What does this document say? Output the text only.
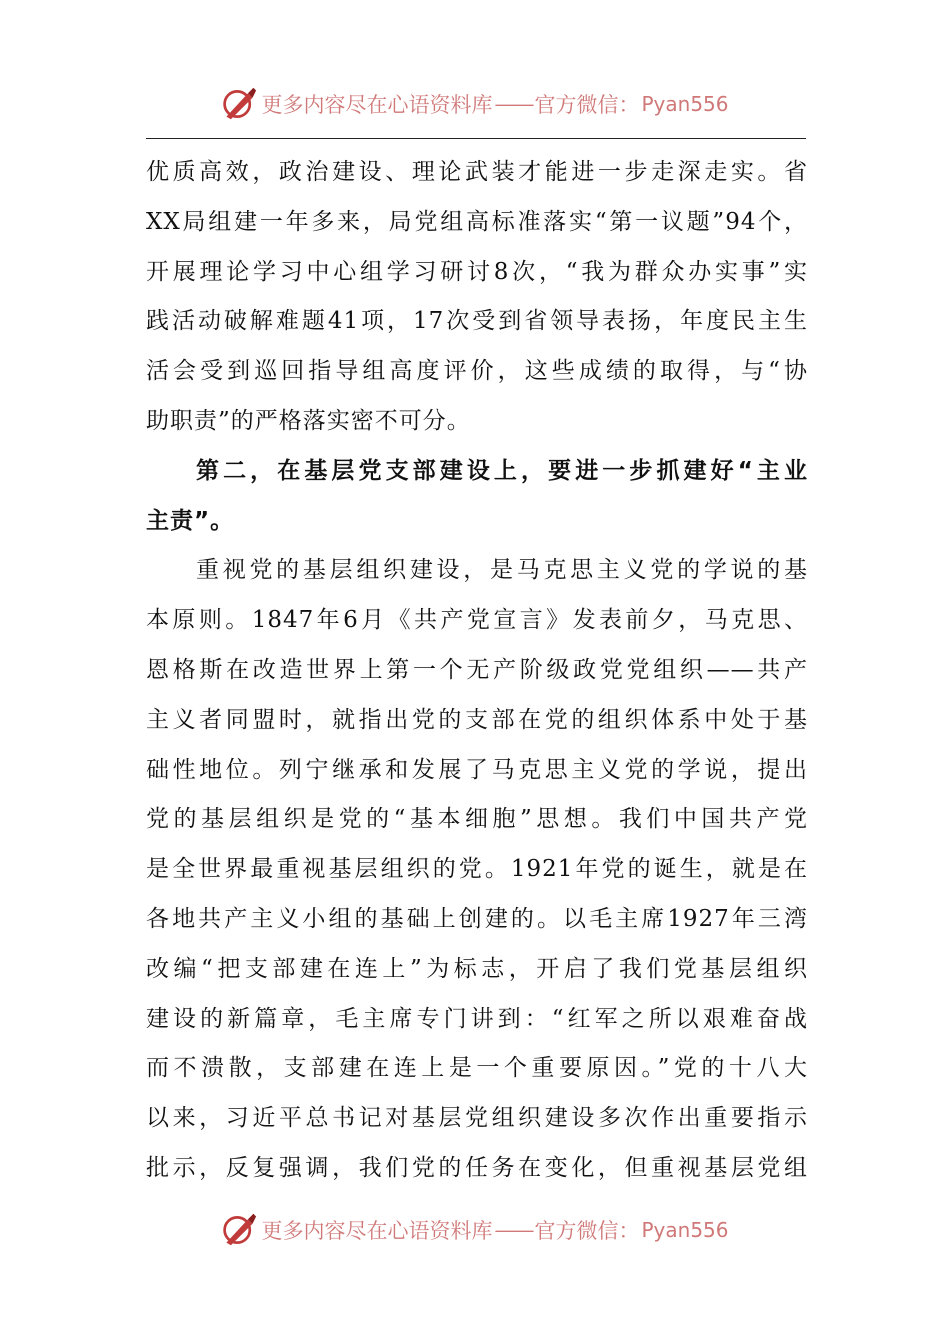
更多内容尽在心语资料库 —— 官方微信： Pyan556
优质高效，政治建设、理论武装才能进一步走深走实。省
XX局组建一年多来，局党组高标准落实“第一议题”94个，
开展理论学习中心组学习研讨8次，“我为群众办实事”实
践活动破解难题41项，17次受到省领导表扬，年度民主生
活会受到巡回指导组高度评价，这些成绩的取得，与“协
助职责”的严格落实密不可分。
第二，在基层党支部建设上，要进一步抓建好“主业
主责”。
重视党的基层组织建设，是马克思主义党的学说的基
本原则。1847年6月《共产党宣言》发表前夕，马克思、
恩格斯在改造世界上第一个无产阶级政党党组织——共产
主义者同盟时，就指出党的支部在党的组织体系中处于基
础性地位。列宁继承和发展了马克思主义党的学说，提出
党的基层组织是党的“基本细胞”思想。我们中国共产党
是全世界最重视基层组织的党。1921年党的诞生，就是在
各地共产主义小组的基础上创建的。以毛主席1927年三湾
改编“把支部建在连上”为标志，开启了我们党基层组织
建设的新篇章，毛主席专门讲到：“红军之所以艰难奋战
而不溃散，支部建在连上是一个重要原因。”党的十八大
以来，习近平总书记对基层党组织建设多次作出重要指示
批示，反复强调，我们党的任务在变化，但重视基层党组
更多内容尽在心语资料库 —— 官方微信： Pyan556
